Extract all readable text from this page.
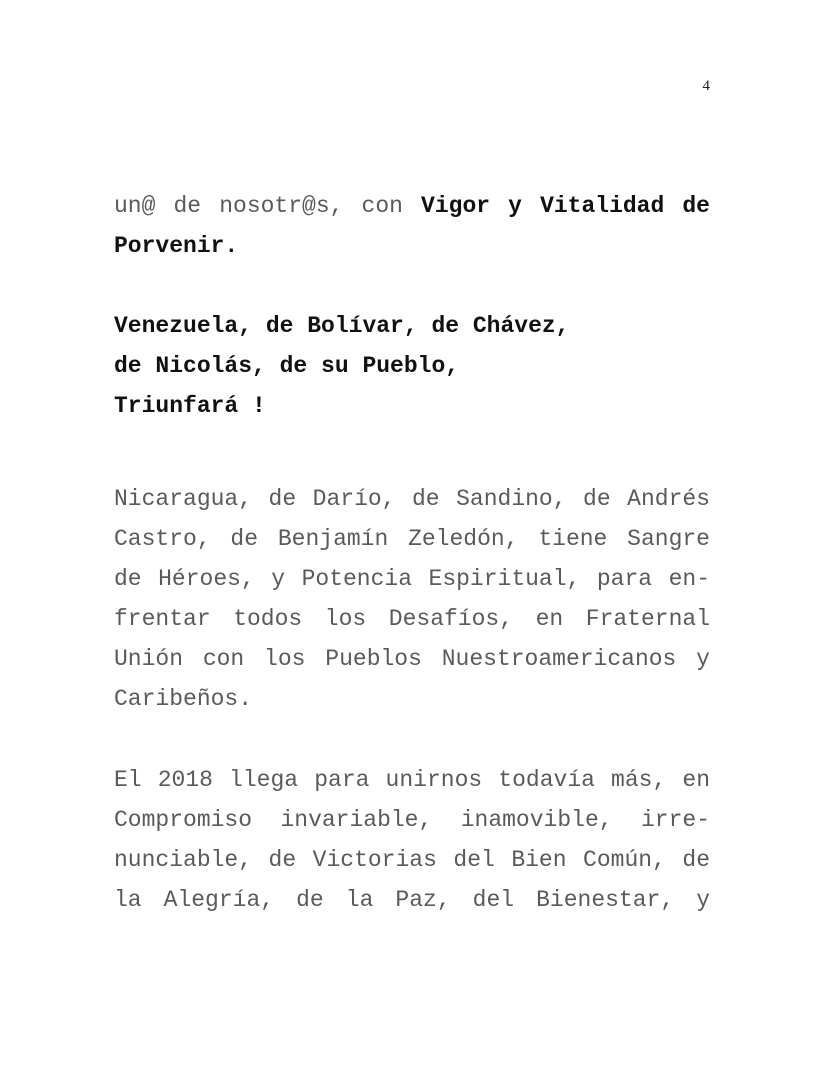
4
un@ de nosotr@s, con Vigor y Vitalidad de
Porvenir.
Venezuela, de Bolívar, de Chávez,
de Nicolás, de su Pueblo,
Triunfará !
Nicaragua, de Darío, de Sandino, de Andrés
Castro, de Benjamín Zeledón, tiene Sangre
de Héroes, y Potencia Espiritual, para en-
frentar todos los Desafíos, en Fraternal
Unión con los Pueblos Nuestroamericanos y
Caribeños.
El 2018 llega para unirnos todavía más, en
Compromiso invariable, inamovible, irre-
nunciable, de Victorias del Bien Común, de
la Alegría, de la Paz, del Bienestar, y
